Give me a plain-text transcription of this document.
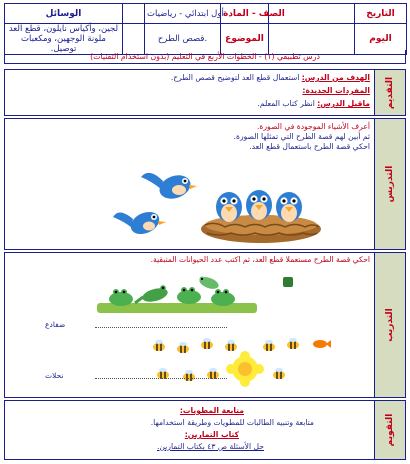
الوسائل		أول ابتدائي - رياضيات	الصف - المادة		التاريخ

لجين، وأكياس نايلون، قطع العد
ملونة الوجهين، ومكعبات توصيل.		قصص الطرح.	الموضوع		اليوم
درس تطبيقي (١) - الخطوات الأربع في التعليم (بدون استخدام التقنيات)
التقديم
الهدف من الدرس: استعمال قطع العد لتوضيح قصص الطرح.
المفردات الجديدة:
ماقبل الدرس: انظر كتاب المعلم.
التدريس
أعرف الأشياء الموجودة في الصورة.
ثم أبين لهم قصة الطرح التي تمثلها الصورة.
احكي قصة الطرح باستعمال قطع العد.
التدريب
احكي قصة الطرح مستعملا قطع العد، ثم اكتب عدد الحيوانات المتبقية.
ضفادع
نحلات
التقويم
متابعة المطويات:
متابعة وتنبيه الطالبات للمطويات وطريقة استخدامها.
كتاب التمارين:
حل الأسئلة ص ٤٣ بكتاب التمارين.
